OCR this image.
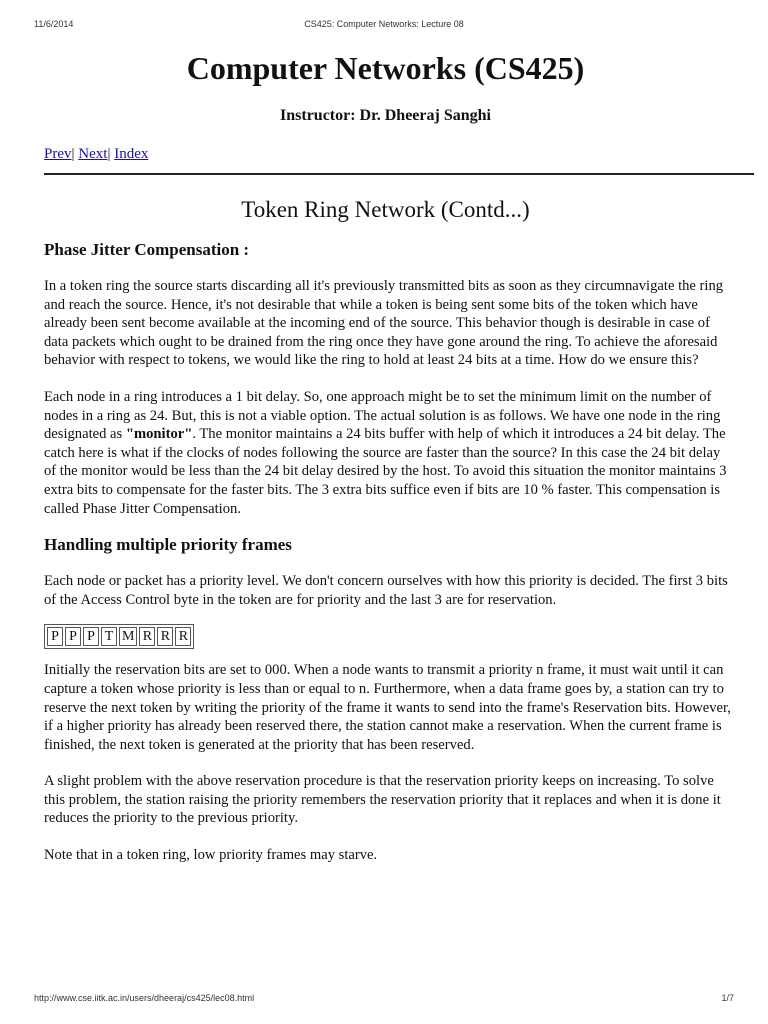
11/6/2014	CS425: Computer Networks: Lecture 08
Computer Networks (CS425)
Instructor: Dr. Dheeraj Sanghi
Prev| Next| Index
Token Ring Network (Contd...)
Phase Jitter Compensation :

In a token ring the source starts discarding all it's previously transmitted bits as soon as they circumnavigate the ring and reach the source. Hence, it's not desirable that while a token is being sent some bits of the token which have already been sent become available at the incoming end of the source. This behavior though is desirable in case of data packets which ought to be drained from the ring once they have gone around the ring. To achieve the aforesaid behavior with respect to tokens, we would like the ring to hold at least 24 bits at a time. How do we ensure this?

Each node in a ring introduces a 1 bit delay. So, one approach might be to set the minimum limit on the number of nodes in a ring as 24. But, this is not a viable option. The actual solution is as follows. We have one node in the ring designated as "monitor". The monitor maintains a 24 bits buffer with help of which it introduces a 24 bit delay. The catch here is what if the clocks of nodes following the source are faster than the source? In this case the 24 bit delay of the monitor would be less than the 24 bit delay desired by the host. To avoid this situation the monitor maintains 3 extra bits to compensate for the faster bits. The 3 extra bits suffice even if bits are 10 % faster. This compensation is called Phase Jitter Compensation.

Handling multiple priority frames

Each node or packet has a priority level. We don't concern ourselves with how this priority is decided. The first 3 bits of the Access Control byte in the token are for priority and the last 3 are for reservation.

P	P	P	T	M	R	R	R

Initially the reservation bits are set to 000. When a node wants to transmit a priority n frame, it must wait until it can capture a token whose priority is less than or equal to n. Furthermore, when a data frame goes by, a station can try to reserve the next token by writing the priority of the frame it wants to send into the frame's Reservation bits. However, if a higher priority has already been reserved there, the station cannot make a reservation. When the current frame is finished, the next token is generated at the priority that has been reserved.

A slight problem with the above reservation procedure is that the reservation priority keeps on increasing. To solve this problem, the station raising the priority remembers the reservation priority that it replaces and when it is done it reduces the priority to the previous priority.

Note that in a token ring, low priority frames may starve.

http://www.cse.iitk.ac.in/users/dheeraj/cs425/lec08.html	1/7
